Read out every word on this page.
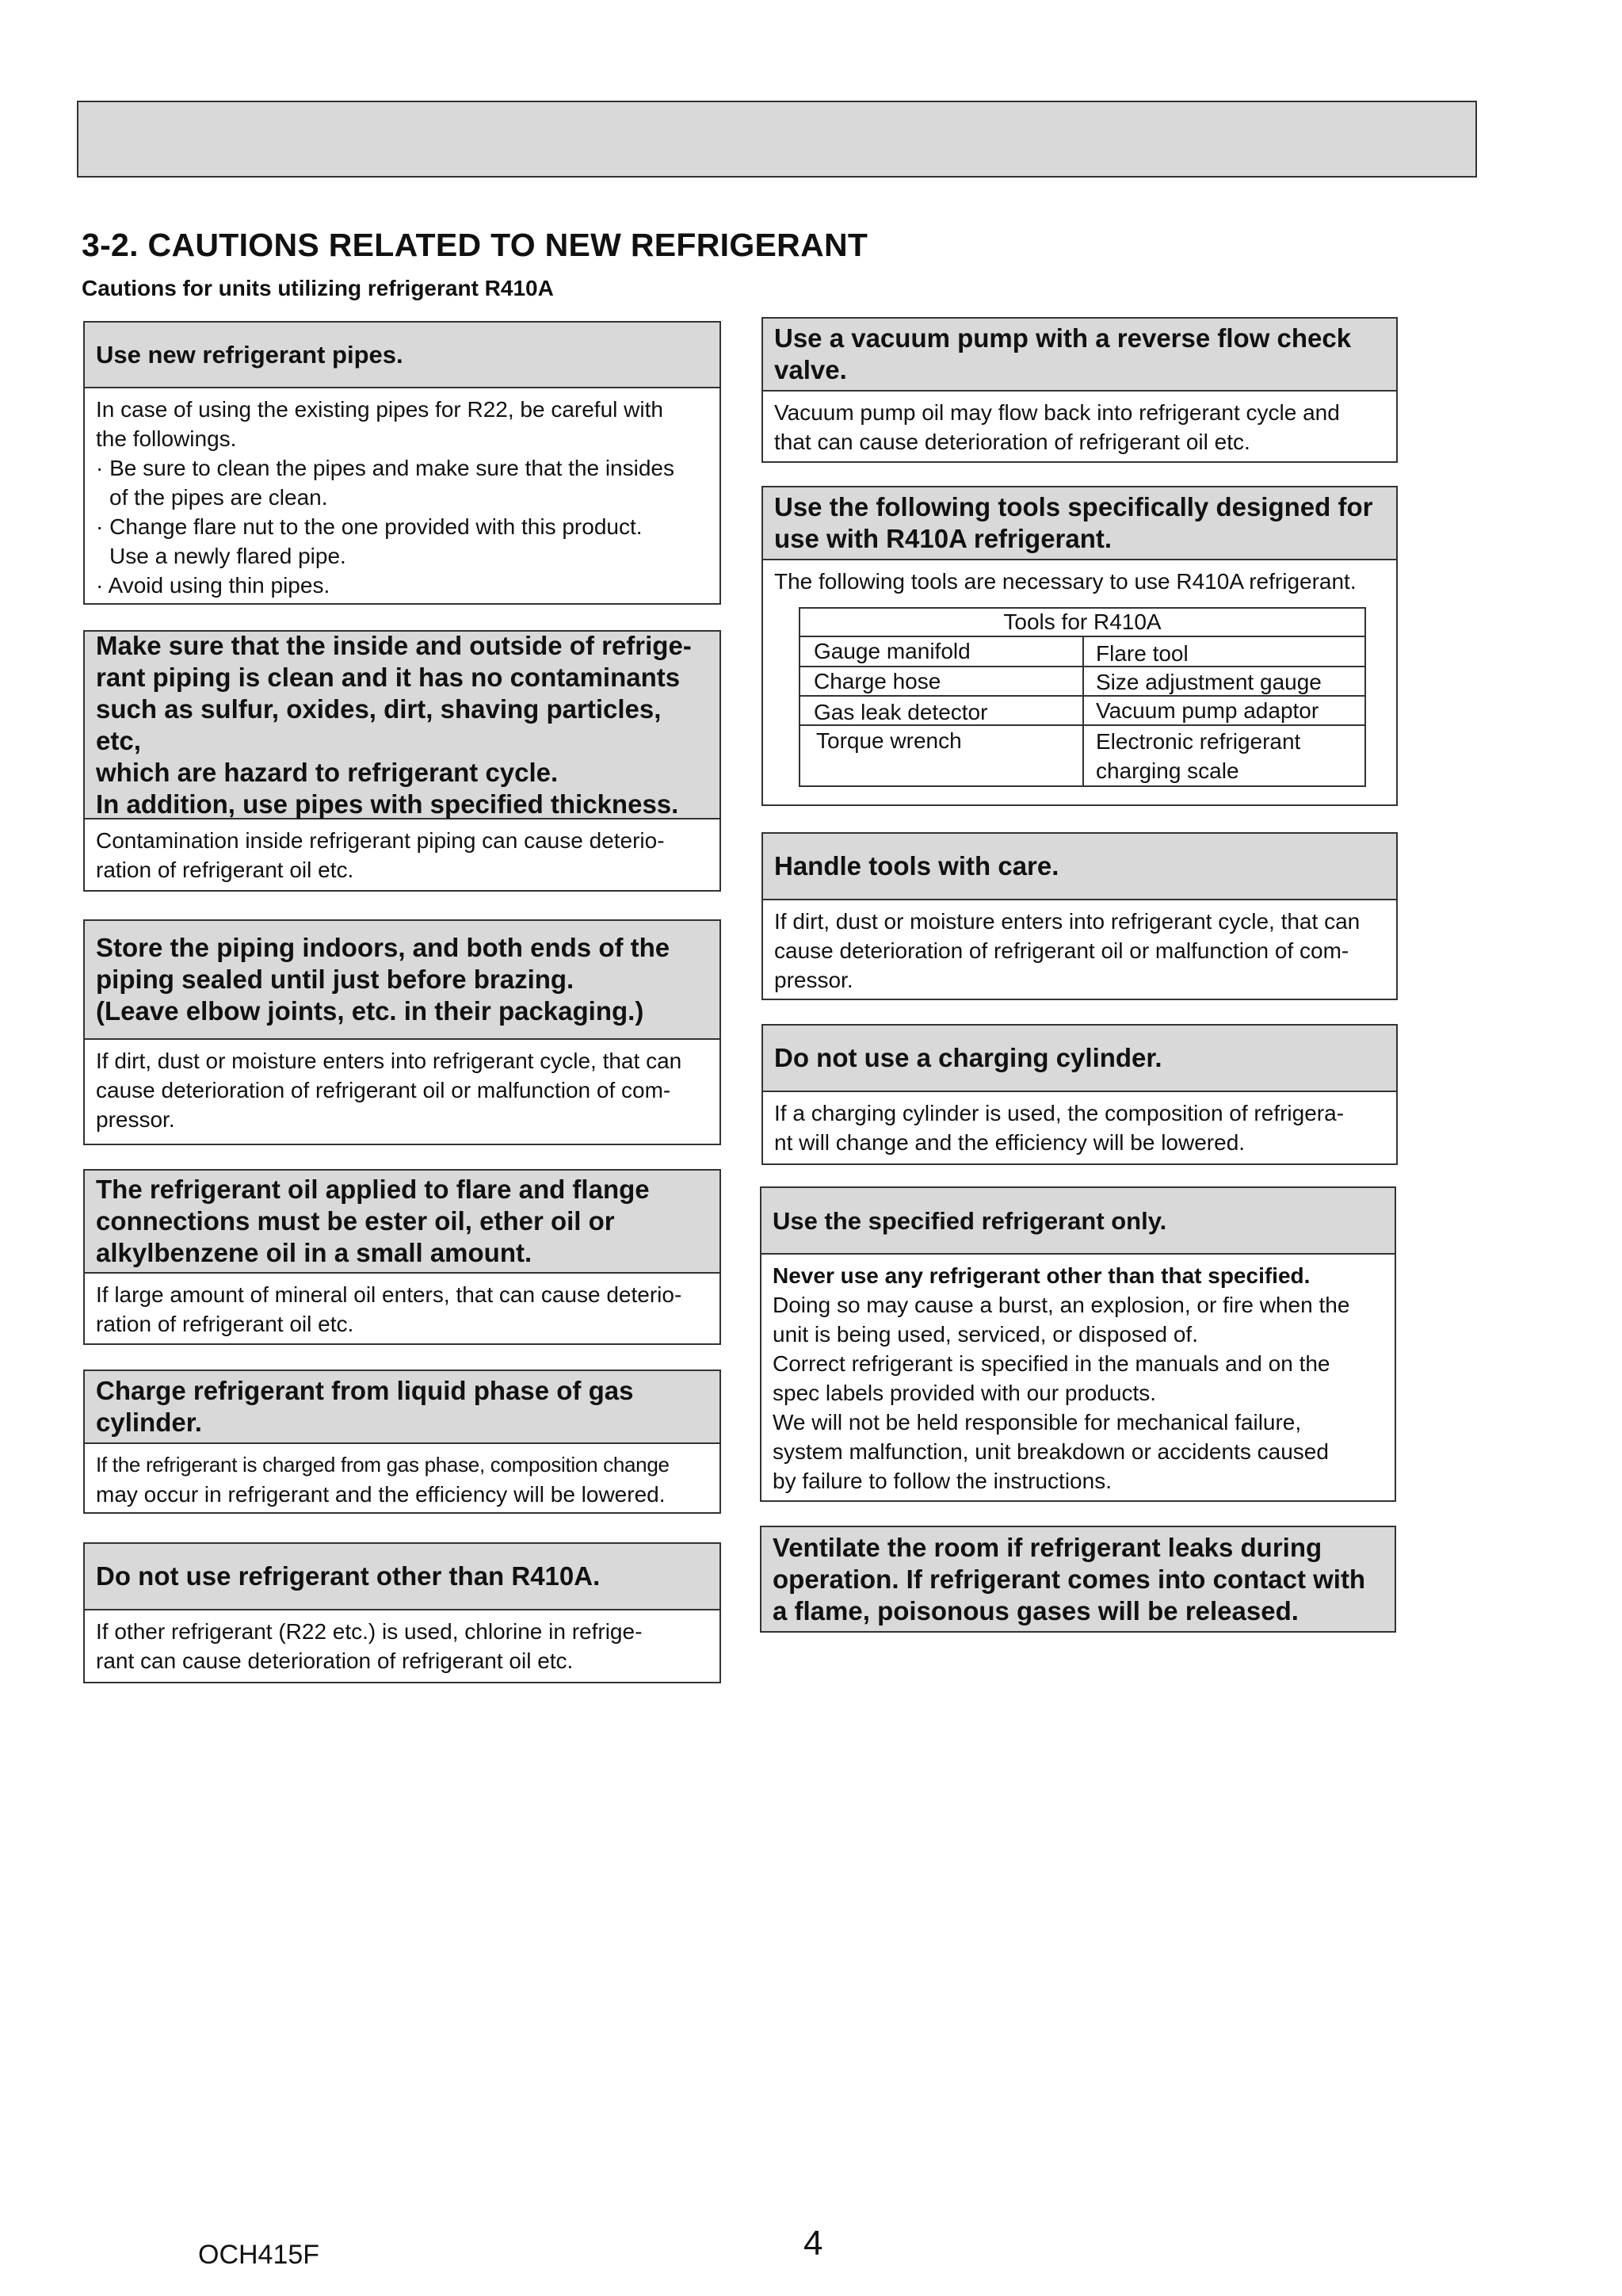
3-2. CAUTIONS RELATED TO NEW REFRIGERANT

Cautions for units utilizing refrigerant R410A

Use new refrigerant pipes.
In case of using the existing pipes for R22, be careful with
the followings.
· Be sure to clean the pipes and make sure that the insides
of the pipes are clean.
· Change flare nut to the one provided with this product.
Use a newly flared pipe.
· Avoid using thin pipes.
Make sure that the inside and outside of refrige-
rant piping is clean and it has no contaminants
such as sulfur, oxides, dirt, shaving particles, etc,
which are hazard to refrigerant cycle.
In addition, use pipes with specified thickness.
Contamination inside refrigerant piping can cause deterio-
ration of refrigerant oil etc.
Store the piping indoors, and both ends of the
piping sealed until just before brazing.
(Leave elbow joints, etc. in their packaging.)
If dirt, dust or moisture enters into refrigerant cycle, that can
cause deterioration of refrigerant oil or malfunction of com-
pressor.
The refrigerant oil applied to flare and flange
connections must be ester oil, ether oil or
alkylbenzene oil in a small amount.
If large amount of mineral oil enters, that can cause deterio-
ration of refrigerant oil etc.
Charge refrigerant from liquid phase of gas
cylinder.
If the refrigerant is charged from gas phase, composition change
may occur in refrigerant and the efficiency will be lowered.
Do not use refrigerant other than R410A.
If other refrigerant (R22 etc.) is used, chlorine in refrige-
rant can cause deterioration of refrigerant oil etc.
Use a vacuum pump with a reverse flow check
valve.
Vacuum pump oil may flow back into refrigerant cycle and
that can cause deterioration of refrigerant oil etc.
Use the following tools specifically designed for
use with R410A refrigerant.
The following tools are necessary to use R410A refrigerant.
Tools for R410A
Gauge manifold	Flare tool
Charge hose	Size adjustment gauge
Gas leak detector	Vacuum pump adaptor
Torque wrench	Electronic refrigerant
charging scale
Handle tools with care.
If dirt, dust or moisture enters into refrigerant cycle, that can
cause deterioration of refrigerant oil or malfunction of com-
pressor.
Do not use a charging cylinder.
If a charging cylinder is used, the composition of refrigera-
nt will change and the efficiency will be lowered.
Use the specified refrigerant only.
Never use any refrigerant other than that specified.
Doing so may cause a burst, an explosion, or fire when the
unit is being used, serviced, or disposed of.
Correct refrigerant is specified in the manuals and on the
spec labels provided with our products.
We will not be held responsible for mechanical failure,
system malfunction, unit breakdown or accidents caused
by failure to follow the instructions.
Ventilate the room if refrigerant leaks during
operation. If refrigerant comes into contact with
a flame, poisonous gases will be released.
OCH415F	4
